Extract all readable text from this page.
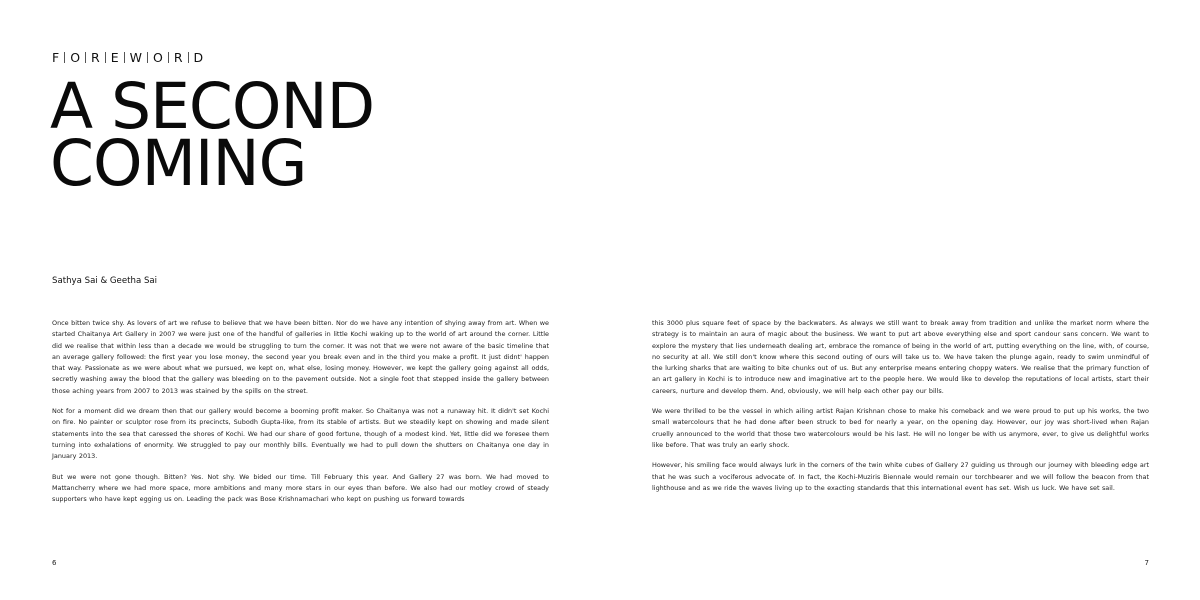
F O R E W O R D
A SECOND
COMING

Sathya Sai & Geetha Sai

Once bitten twice shy. As lovers of art we refuse to believe that we have been bitten. Nor do we have any intention of shying away from art. When we started Chaitanya Art Gallery in 2007 we were just one of the handful of galleries in little Kochi waking up to the world of art around the corner. Little did we realise that within less than a decade we would be struggling to turn the corner. It was not that we were not aware of the basic timeline that an average gallery followed: the first year you lose money, the second year you break even and in the third you make a profit. It just didnt' happen that way. Passionate as we were about what we pursued, we kept on, what else, losing money. However, we kept the gallery going against all odds, secretly washing away the blood that the gallery was bleeding on to the pavement outside. Not a single foot that stepped inside the gallery between those aching years from 2007 to 2013 was stained by the spills on the street.

Not for a moment did we dream then that our gallery would become a booming profit maker. So Chaitanya was not a runaway hit. It didn't set Kochi on fire. No painter or sculptor rose from its precincts, Subodh Gupta-like, from its stable of artists. But we steadily kept on showing and made silent statements into the sea that caressed the shores of Kochi. We had our share of good fortune, though of a modest kind. Yet, little did we foresee them turning into exhalations of enormity. We struggled to pay our monthly bills. Eventually we had to pull down the shutters on Chaitanya one day in January 2013.

But we were not gone though. Bitten? Yes. Not shy. We bided our time. Till February this year. And Gallery 27 was born. We had moved to Mattancherry where we had more space, more ambitions and many more stars in our eyes than before. We also had our motley crowd of steady supporters who have kept egging us on. Leading the pack was Bose Krishnamachari who kept on pushing us forward towards

6

this 3000 plus square feet of space by the backwaters. As always we still want to break away from tradition and unlike the market norm where the strategy is to maintain an aura of magic about the business. We want to put art above everything else and sport candour sans concern. We want to explore the mystery that lies underneath dealing art, embrace the romance of being in the world of art, putting everything on the line, with, of course, no security at all. We still don't know where this second outing of ours will take us to. We have taken the plunge again, ready to swim unmindful of the lurking sharks that are waiting to bite chunks out of us. But any enterprise means entering choppy waters. We realise that the primary function of an art gallery in Kochi is to introduce new and imaginative art to the people here. We would like to develop the reputations of local artists, start their careers, nurture and develop them. And, obviously, we will help each other pay our bills.

We were thrilled to be the vessel in which ailing artist Rajan Krishnan chose to make his comeback and we were proud to put up his works, the two small watercolours that he had done after been struck to bed for nearly a year, on the opening day. However, our joy was short-lived when Rajan cruelly announced to the world that those two watercolours would be his last. He will no longer be with us anymore, ever, to give us delightful works like before. That was truly an early shock.

However, his smiling face would always lurk in the corners of the twin white cubes of Gallery 27 guiding us through our journey with bleeding edge art that he was such a vociferous advocate of. In fact, the Kochi-Muziris Biennale would remain our torchbearer and we will follow the beacon from that lighthouse and as we ride the waves living up to the exacting standards that this international event has set. Wish us luck. We have set sail.

7
